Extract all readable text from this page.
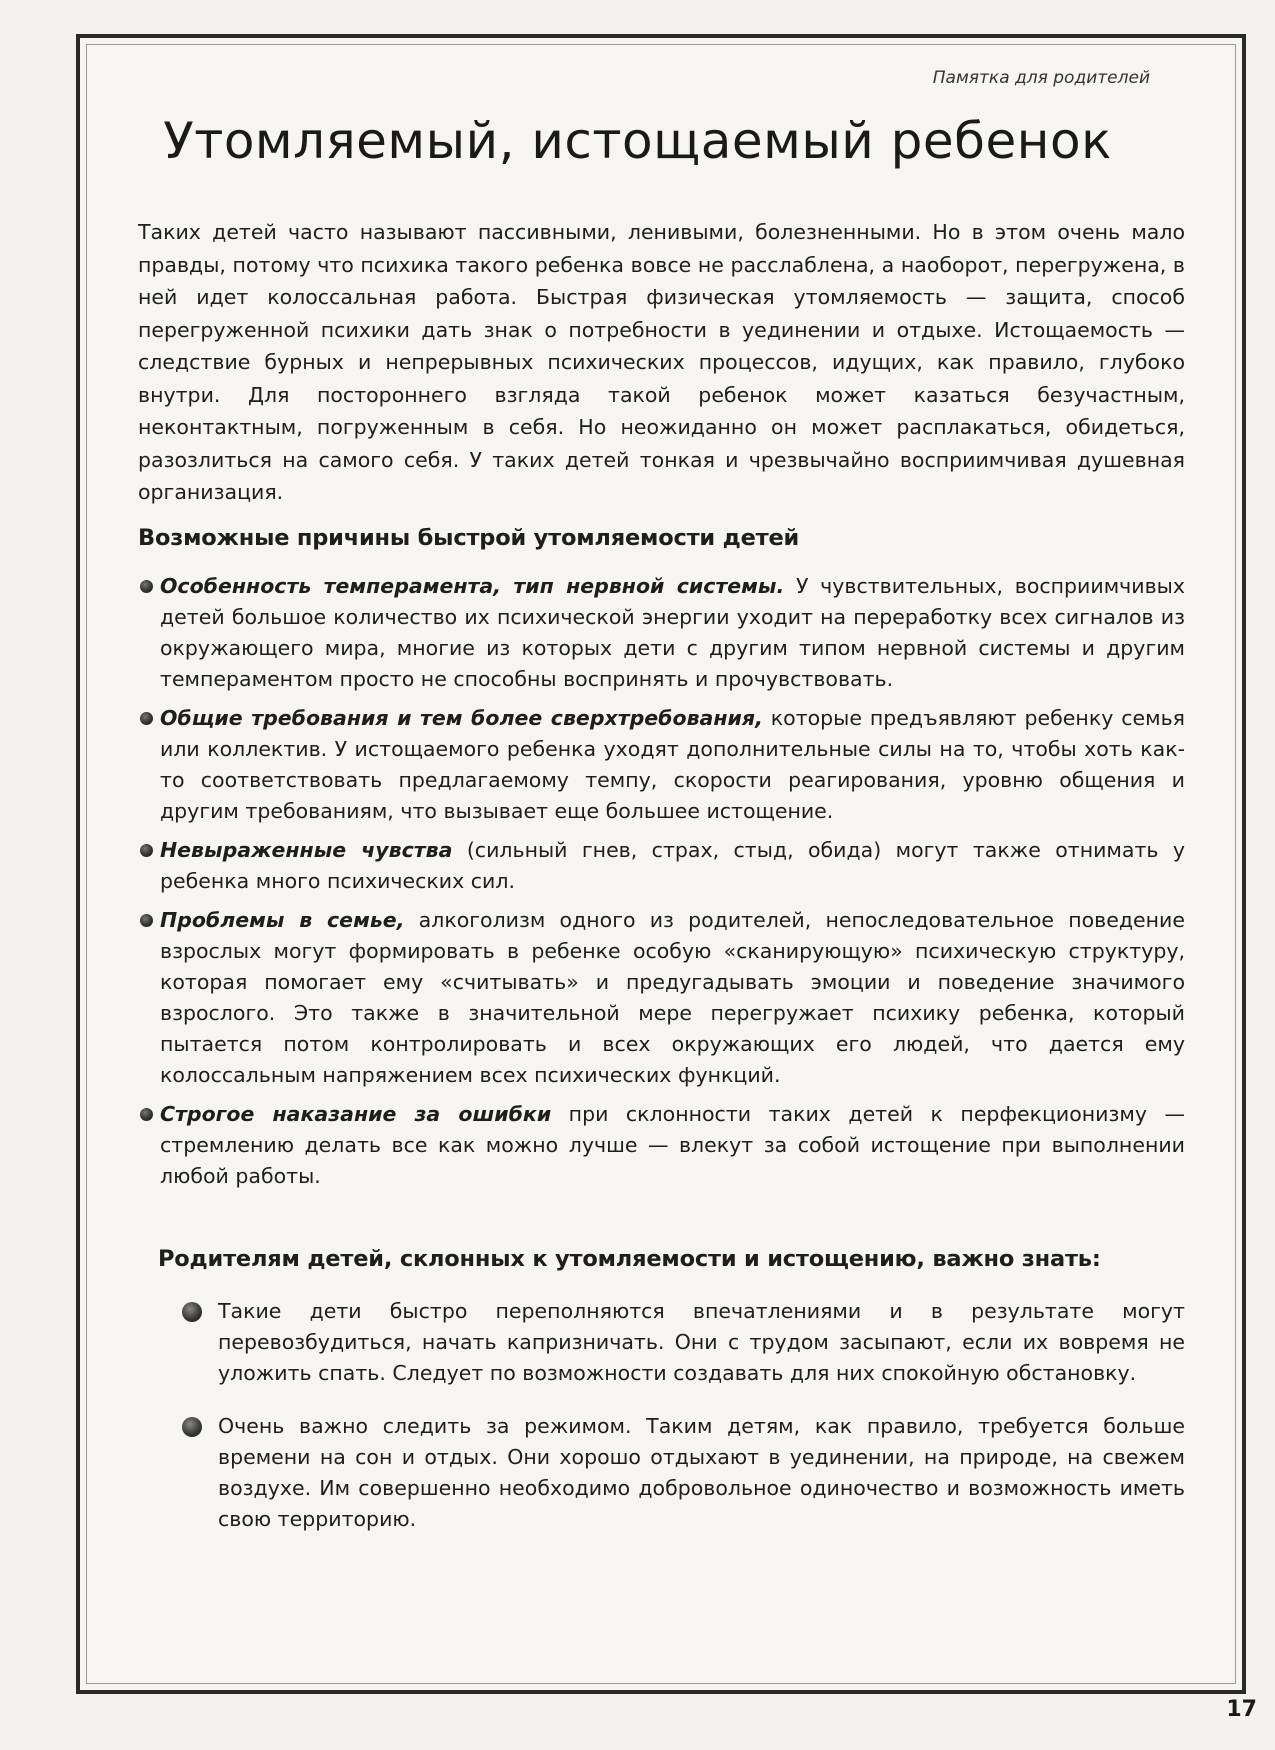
Памятка для родителей
Утомляемый, истощаемый ребенок

Таких детей часто называют пассивными, ленивыми, болезненными. Но в этом очень мало правды, потому что психика такого ребенка вовсе не расслаблена, а наоборот, перегружена, в ней идет колоссальная работа. Быстрая физическая утомляемость — защита, способ перегруженной психики дать знак о потребности в уединении и отдыхе. Истощаемость — следствие бурных и непрерывных психических процессов, идущих, как правило, глубоко внутри. Для постороннего взгляда такой ребенок может казаться безучастным, неконтактным, погруженным в себя. Но неожиданно он может расплакаться, обидеться, разозлиться на самого себя. У таких детей тонкая и чрезвычайно восприимчивая душевная организация.

Возможные причины быстрой утомляемости детей
Особенность темперамента, тип нервной системы. У чувствительных, восприимчивых детей большое количество их психической энергии уходит на переработку всех сигналов из окружающего мира, многие из которых дети с другим типом нервной системы и другим темпераментом просто не способны воспринять и прочувствовать.
Общие требования и тем более сверхтребования, которые предъявляют ребенку семья или коллектив. У истощаемого ребенка уходят дополнительные силы на то, чтобы хоть как-то соответствовать предлагаемому темпу, скорости реагирования, уровню общения и другим требованиям, что вызывает еще большее истощение.
Невыраженные чувства (сильный гнев, страх, стыд, обида) могут также отнимать у ребенка много психических сил.
Проблемы в семье, алкоголизм одного из родителей, непоследовательное поведение взрослых могут формировать в ребенке особую «сканирующую» психическую структуру, которая помогает ему «считывать» и предугадывать эмоции и поведение значимого взрослого. Это также в значительной мере перегружает психику ребенка, который пытается потом контролировать и всех окружающих его людей, что дается ему колоссальным напряжением всех психических функций.
Строгое наказание за ошибки при склонности таких детей к перфекционизму — стремлению делать все как можно лучше — влекут за собой истощение при выполнении любой работы.
Родителям детей, склонных к утомляемости и истощению, важно знать:
Такие дети быстро переполняются впечатлениями и в результате могут перевозбудиться, начать капризничать. Они с трудом засыпают, если их вовремя не уложить спать. Следует по возможности создавать для них спокойную обстановку.
Очень важно следить за режимом. Таким детям, как правило, требуется больше времени на сон и отдых. Они хорошо отдыхают в уединении, на природе, на свежем воздухе. Им совершенно необходимо добровольное одиночество и возможность иметь свою территорию.
17
